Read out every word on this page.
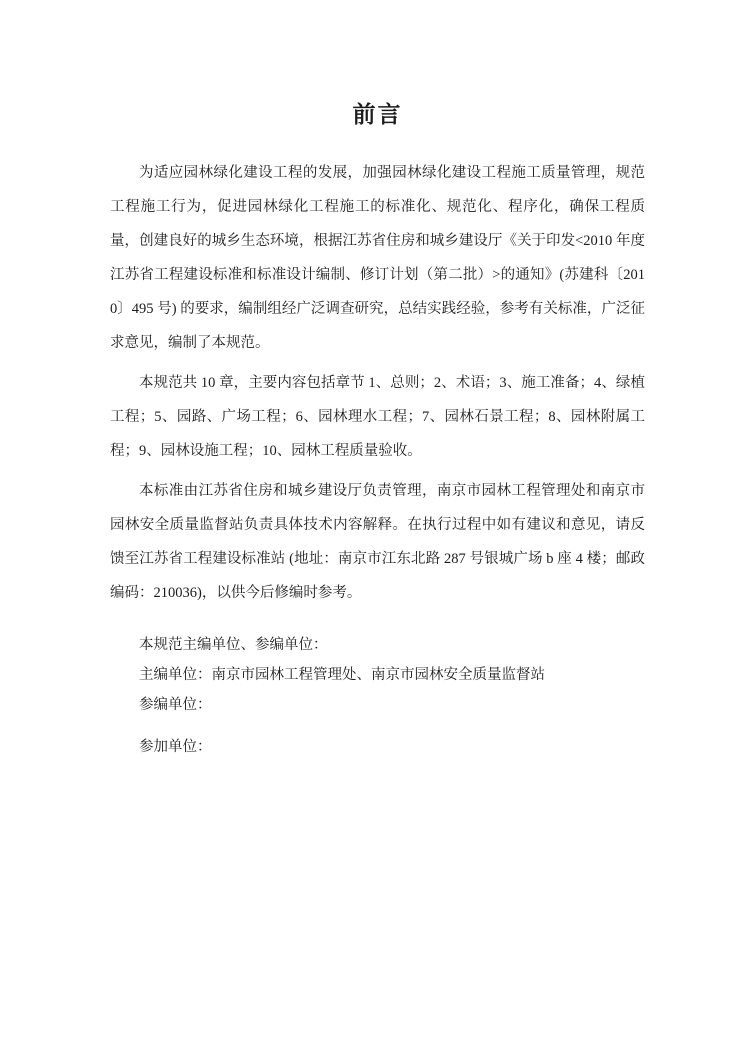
前言

为适应园林绿化建设工程的发展，加强园林绿化建设工程施工质量管理，规范工程施工行为，促进园林绿化工程施工的标准化、规范化、程序化，确保工程质量，创建良好的城乡生态环境，根据江苏省住房和城乡建设厅《关于印发<2010 年度江苏省工程建设标准和标准设计编制、修订计划（第二批）>的通知》(苏建科〔2010〕495 号) 的要求，编制组经广泛调查研究，总结实践经验，参考有关标准，广泛征求意见，编制了本规范。

本规范共 10 章，主要内容包括章节 1、总则；2、术语；3、施工准备；4、绿植工程；5、园路、广场工程；6、园林理水工程；7、园林石景工程；8、园林附属工程；9、园林设施工程；10、园林工程质量验收。

本标准由江苏省住房和城乡建设厅负责管理，南京市园林工程管理处和南京市园林安全质量监督站负责具体技术内容解释。在执行过程中如有建议和意见，请反馈至江苏省工程建设标准站 (地址：南京市江东北路 287 号银城广场 b 座 4 楼；邮政编码：210036)，以供今后修编时参考。

本规范主编单位、参编单位：

主编单位：南京市园林工程管理处、南京市园林安全质量监督站

参编单位：

参加单位：
